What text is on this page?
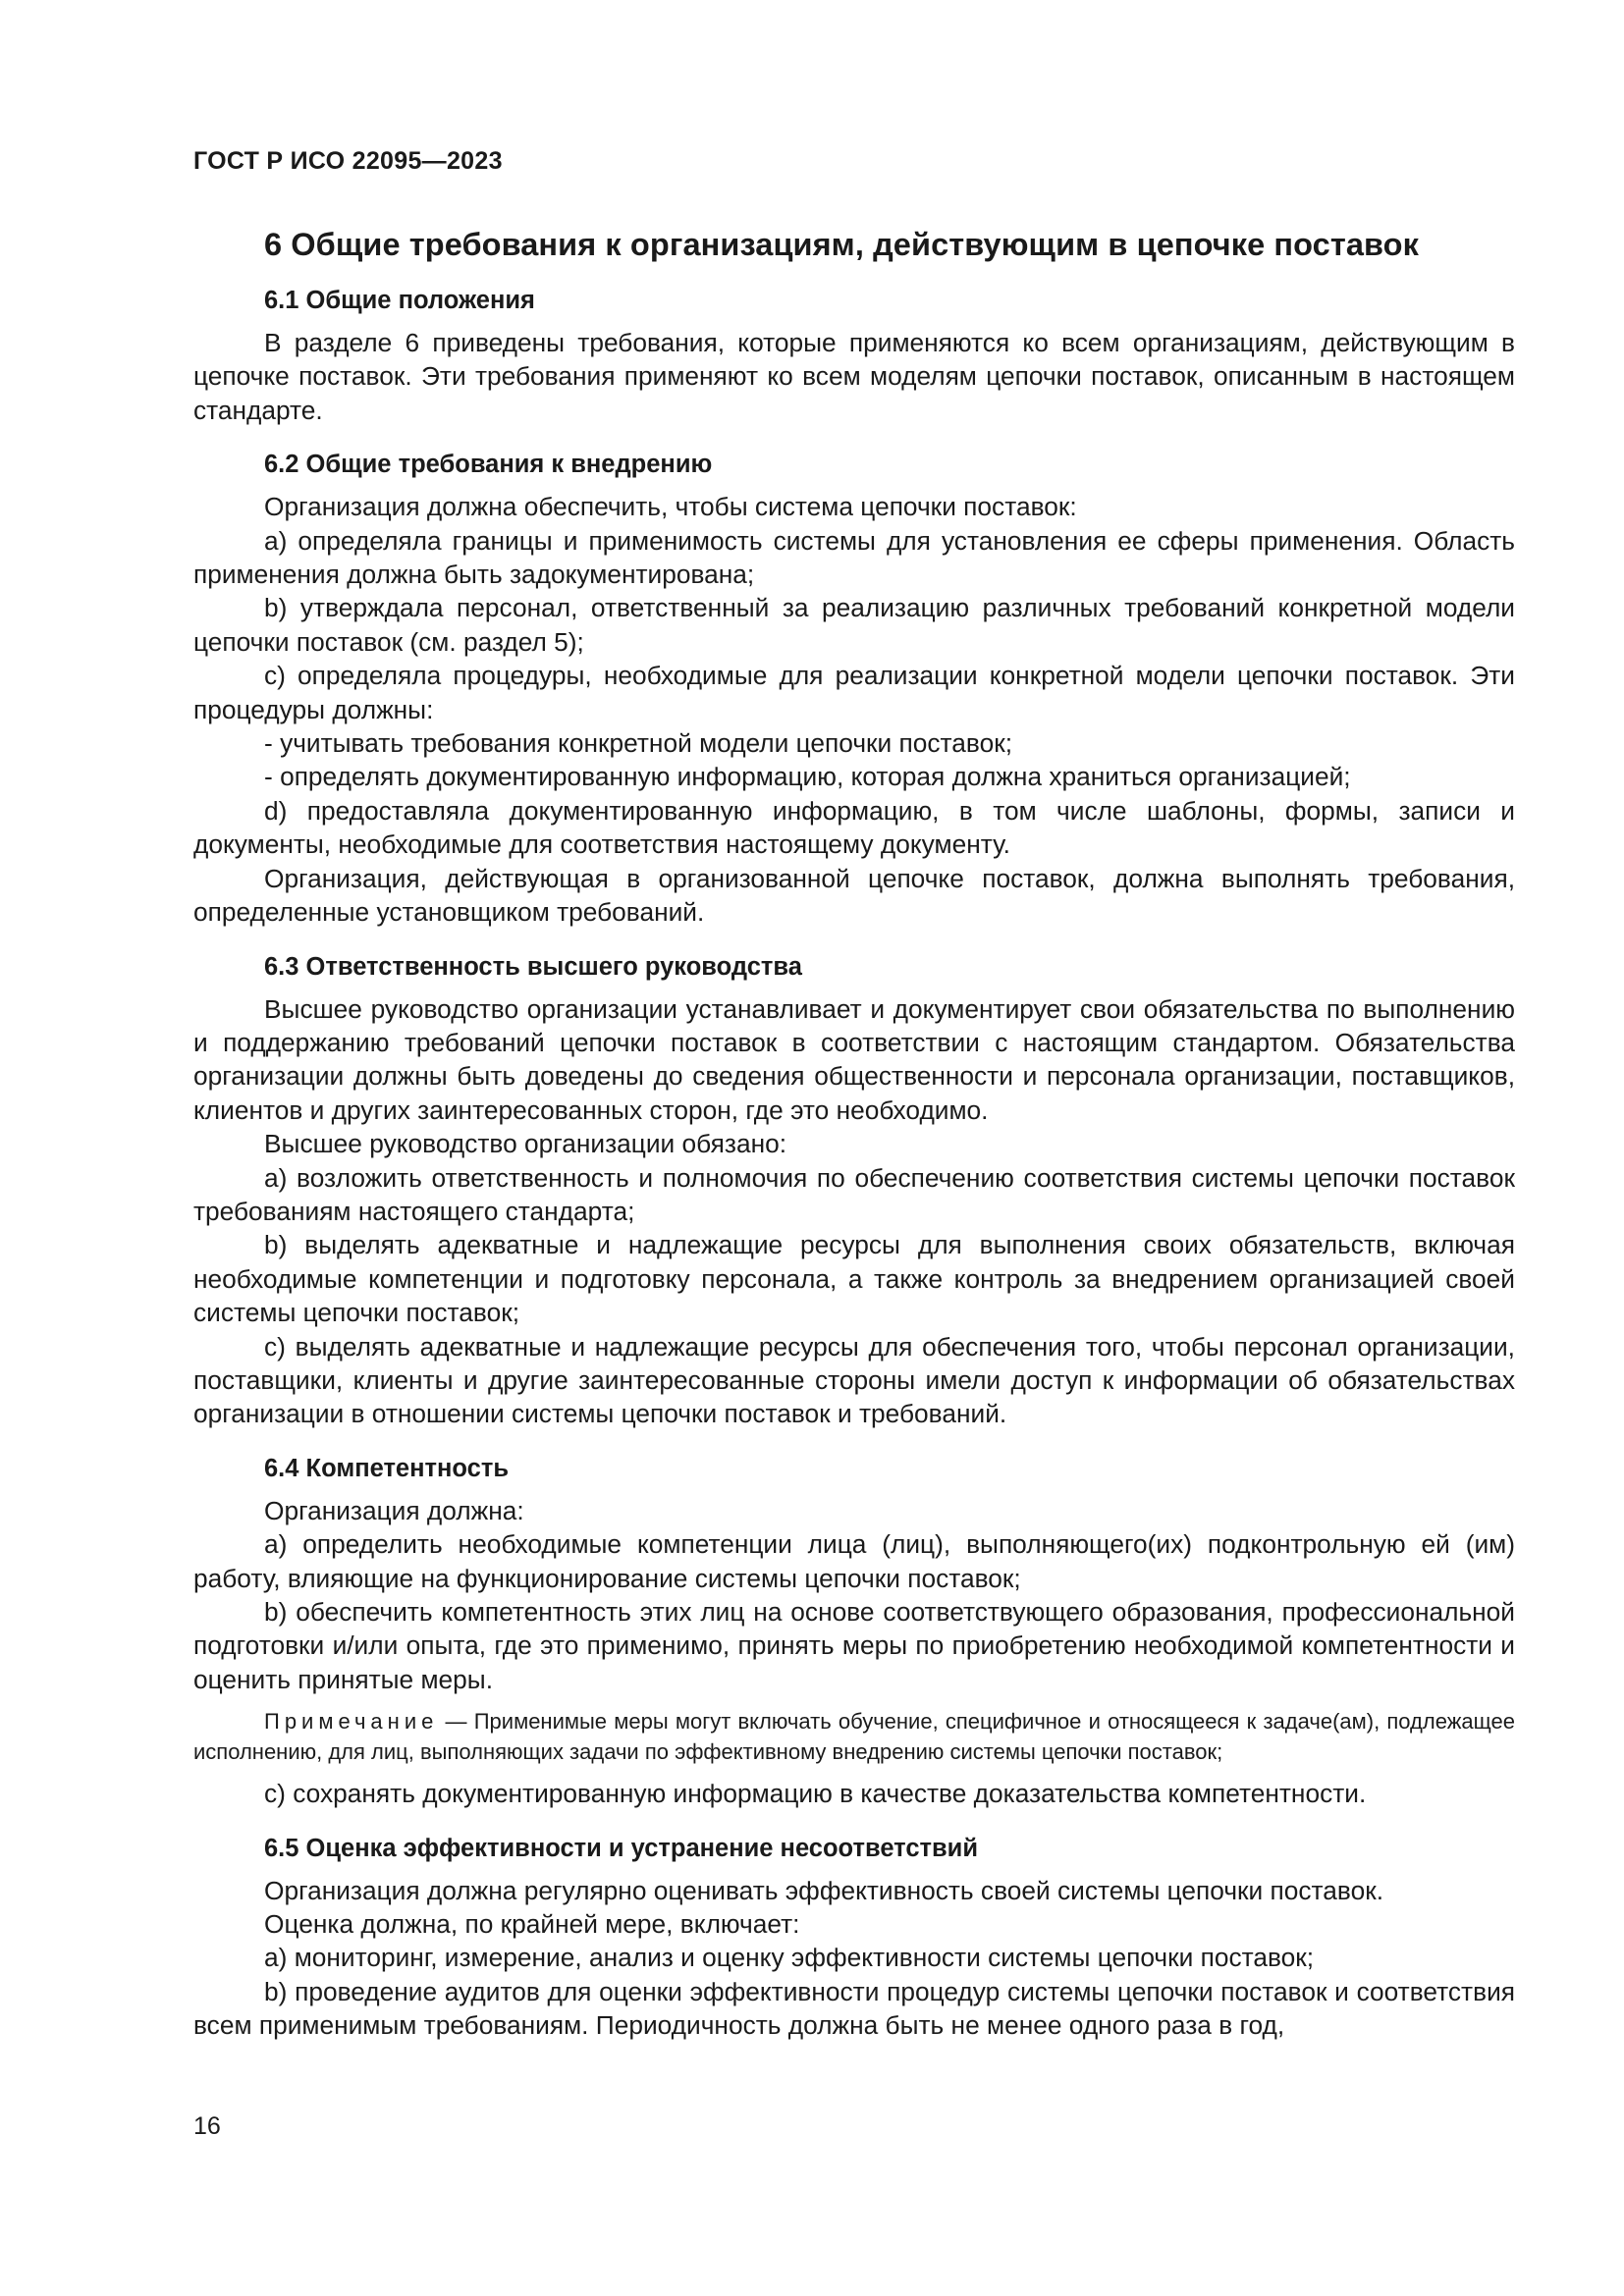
ГОСТ Р ИСО 22095—2023
6 Общие требования к организациям, действующим в цепочке поставок
6.1 Общие положения

В разделе 6 приведены требования, которые применяются ко всем организациям, действующим в цепочке поставок. Эти требования применяют ко всем моделям цепочки поставок, описанным в настоящем стандарте.

6.2 Общие требования к внедрению

Организация должна обеспечить, чтобы система цепочки поставок:

a) определяла границы и применимость системы для установления ее сферы применения. Область применения должна быть задокументирована;

b) утверждала персонал, ответственный за реализацию различных требований конкретной модели цепочки поставок (см. раздел 5);

c) определяла процедуры, необходимые для реализации конкретной модели цепочки поставок. Эти процедуры должны:

- учитывать требования конкретной модели цепочки поставок;

- определять документированную информацию, которая должна храниться организацией;

d) предоставляла документированную информацию, в том числе шаблоны, формы, записи и документы, необходимые для соответствия настоящему документу.

Организация, действующая в организованной цепочке поставок, должна выполнять требования, определенные установщиком требований.

6.3 Ответственность высшего руководства

Высшее руководство организации устанавливает и документирует свои обязательства по выполнению и поддержанию требований цепочки поставок в соответствии с настоящим стандартом. Обязательства организации должны быть доведены до сведения общественности и персонала организации, поставщиков, клиентов и других заинтересованных сторон, где это необходимо.

Высшее руководство организации обязано:

a) возложить ответственность и полномочия по обеспечению соответствия системы цепочки поставок требованиям настоящего стандарта;

b) выделять адекватные и надлежащие ресурсы для выполнения своих обязательств, включая необходимые компетенции и подготовку персонала, а также контроль за внедрением организацией своей системы цепочки поставок;

c) выделять адекватные и надлежащие ресурсы для обеспечения того, чтобы персонал организации, поставщики, клиенты и другие заинтересованные стороны имели доступ к информации об обязательствах организации в отношении системы цепочки поставок и требований.

6.4 Компетентность

Организация должна:

a) определить необходимые компетенции лица (лиц), выполняющего(их) подконтрольную ей (им) работу, влияющие на функционирование системы цепочки поставок;

b) обеспечить компетентность этих лиц на основе соответствующего образования, профессиональной подготовки и/или опыта, где это применимо, принять меры по приобретению необходимой компетентности и оценить принятые меры.

Примечание — Применимые меры могут включать обучение, специфичное и относящееся к задаче(ам), подлежащее исполнению, для лиц, выполняющих задачи по эффективному внедрению системы цепочки поставок;

c) сохранять документированную информацию в качестве доказательства компетентности.

6.5 Оценка эффективности и устранение несоответствий

Организация должна регулярно оценивать эффективность своей системы цепочки поставок.

Оценка должна, по крайней мере, включает:

a) мониторинг, измерение, анализ и оценку эффективности системы цепочки поставок;

b) проведение аудитов для оценки эффективности процедур системы цепочки поставок и соответствия всем применимым требованиям. Периодичность должна быть не менее одного раза в год,

16
